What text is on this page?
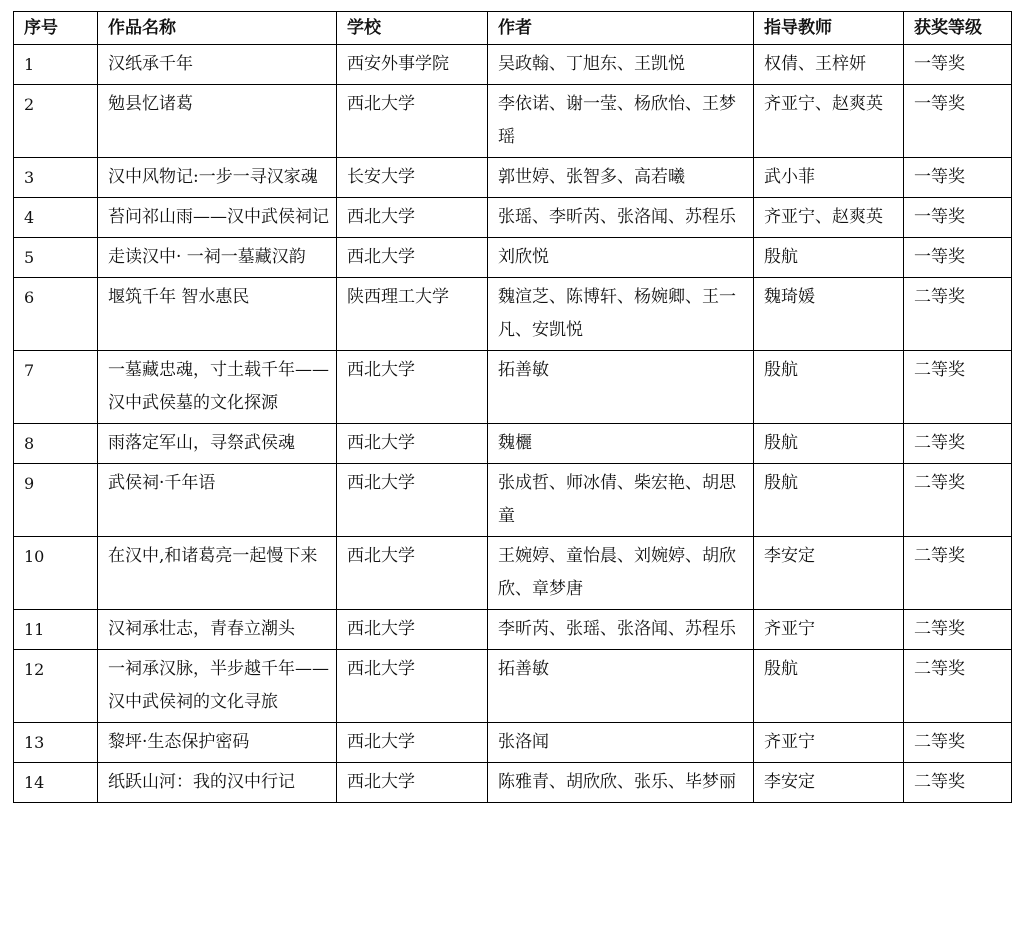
序号	作品名称	学校	作者	指导教师	获奖等级
1	汉纸承千年	西安外事学院	吴政翰、丁旭东、王凯悦	权倩、王梓妍	一等奖
2	勉县忆诸葛	西北大学	李依诺、谢一莹、杨欣怡、王梦瑶	齐亚宁、赵爽英	一等奖
3	汉中风物记:一步一寻汉家魂	长安大学	郭世婷、张智多、高若曦	武小菲	一等奖
4	苔问祁山雨——汉中武侯祠记	西北大学	张瑶、李昕芮、张洛闻、苏程乐	齐亚宁、赵爽英	一等奖
5	走读汉中· 一祠一墓藏汉韵	西北大学	刘欣悦	殷航	一等奖
6	堰筑千年 智水惠民	陕西理工大学	魏渲芝、陈博轩、杨婉卿、王一凡、安凯悦	魏琦媛	二等奖
7	一墓藏忠魂，寸土载千年——汉中武侯墓的文化探源	西北大学	拓善敏	殷航	二等奖
8	雨落定军山，寻祭武侯魂	西北大学	魏欐	殷航	二等奖
9	武侯祠·千年语	西北大学	张成哲、师冰倩、柴宏艳、胡思童	殷航	二等奖
10	在汉中,和诸葛亮一起慢下来	西北大学	王婉婷、童怡晨、刘婉婷、胡欣欣、章梦唐	李安定	二等奖
11	汉祠承壮志，青春立潮头	西北大学	李昕芮、张瑶、张洛闻、苏程乐	齐亚宁	二等奖
12	一祠承汉脉，半步越千年——汉中武侯祠的文化寻旅	西北大学	拓善敏	殷航	二等奖
13	黎坪·生态保护密码	西北大学	张洛闻	齐亚宁	二等奖
14	纸跃山河：我的汉中行记	西北大学	陈雅青、胡欣欣、张乐、毕梦丽	李安定	二等奖
